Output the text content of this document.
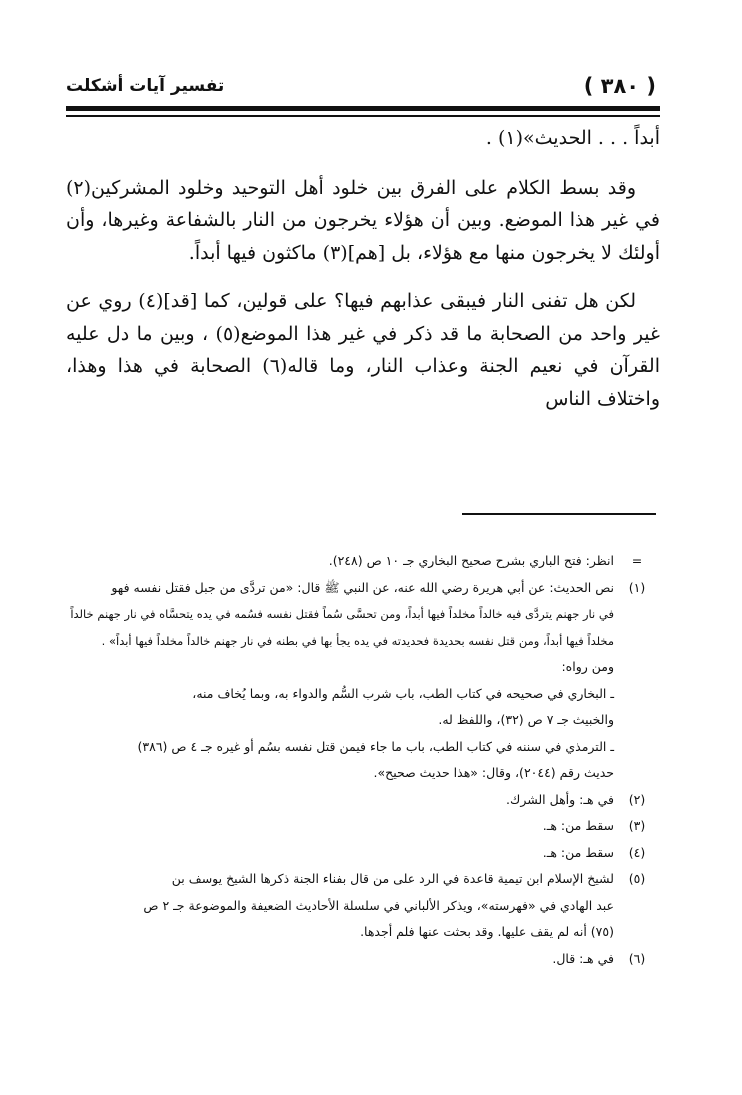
( ٣٨٠ )
تفسير آيات أشكلت

أبداً . . . الحديث»(١) .

وقد بسط الكلام على الفرق بين خلود أهل التوحيد وخلود المشركين(٢) في غير هذا الموضع. وبين أن هؤلاء يخرجون من النار بالشفاعة وغيرها، وأن أولئك لا يخرجون منها مع هؤلاء، بل [هم](٣) ماكثون فيها أبداً.

لكن هل تفنى النار فيبقى عذابهم فيها؟ على قولين، كما [قد](٤) روي عن غير واحد من الصحابة ما قد ذكر في غير هذا الموضع(٥) ، وبين ما دل عليه القرآن في نعيم الجنة وعذاب النار، وما قاله(٦) الصحابة في هذا وهذا، واختلاف الناس

=
انظر: فتح الباري بشرح صحيح البخاري جـ ١٠ ص (٢٤٨).
(١)
نص الحديث: عن أبي هريرة رضي الله عنه، عن النبي ﷺ قال: «من تردَّى من جبل فقتل نفسه فهو
في نار جهنم يتردَّى فيه خالداً مخلداً فيها أبداً، ومن تحسَّى سُماً فقتل نفسه فسُمه في يده يتحسَّاه في نار جهنم خالداً
مخلداً فيها أبداً، ومن قتل نفسه بحديدة فحديدته في يده يجأ بها في بطنه في نار جهنم خالداً مخلداً فيها أبداً» .
ومن رواه:
ـ البخاري في صحيحه في كتاب الطب، باب شرب السُّم والدواء به، وبما يُخاف منه،
والخبيث جـ ٧ ص (٣٢)، واللفظ له.
ـ الترمذي في سننه في كتاب الطب، باب ما جاء فيمن قتل نفسه بسُم أو غيره جـ ٤ ص (٣٨٦)
حديث رقم (٢٠٤٤)، وقال: «هذا حديث صحيح».
(٢)
في هـ: وأهل الشرك.
(٣)
سقط من: هـ.
(٤)
سقط من: هـ.
(٥)
لشيخ الإسلام ابن تيمية قاعدة في الرد على من قال بفناء الجنة ذكرها الشيخ يوسف بن
عبد الهادي في «فهرسته»، ويذكر الألباني في سلسلة الأحاديث الضعيفة والموضوعة جـ ٢ ص
(٧٥) أنه لم يقف عليها. وقد بحثت عنها فلم أجدها.
(٦)
في هـ: قال.
